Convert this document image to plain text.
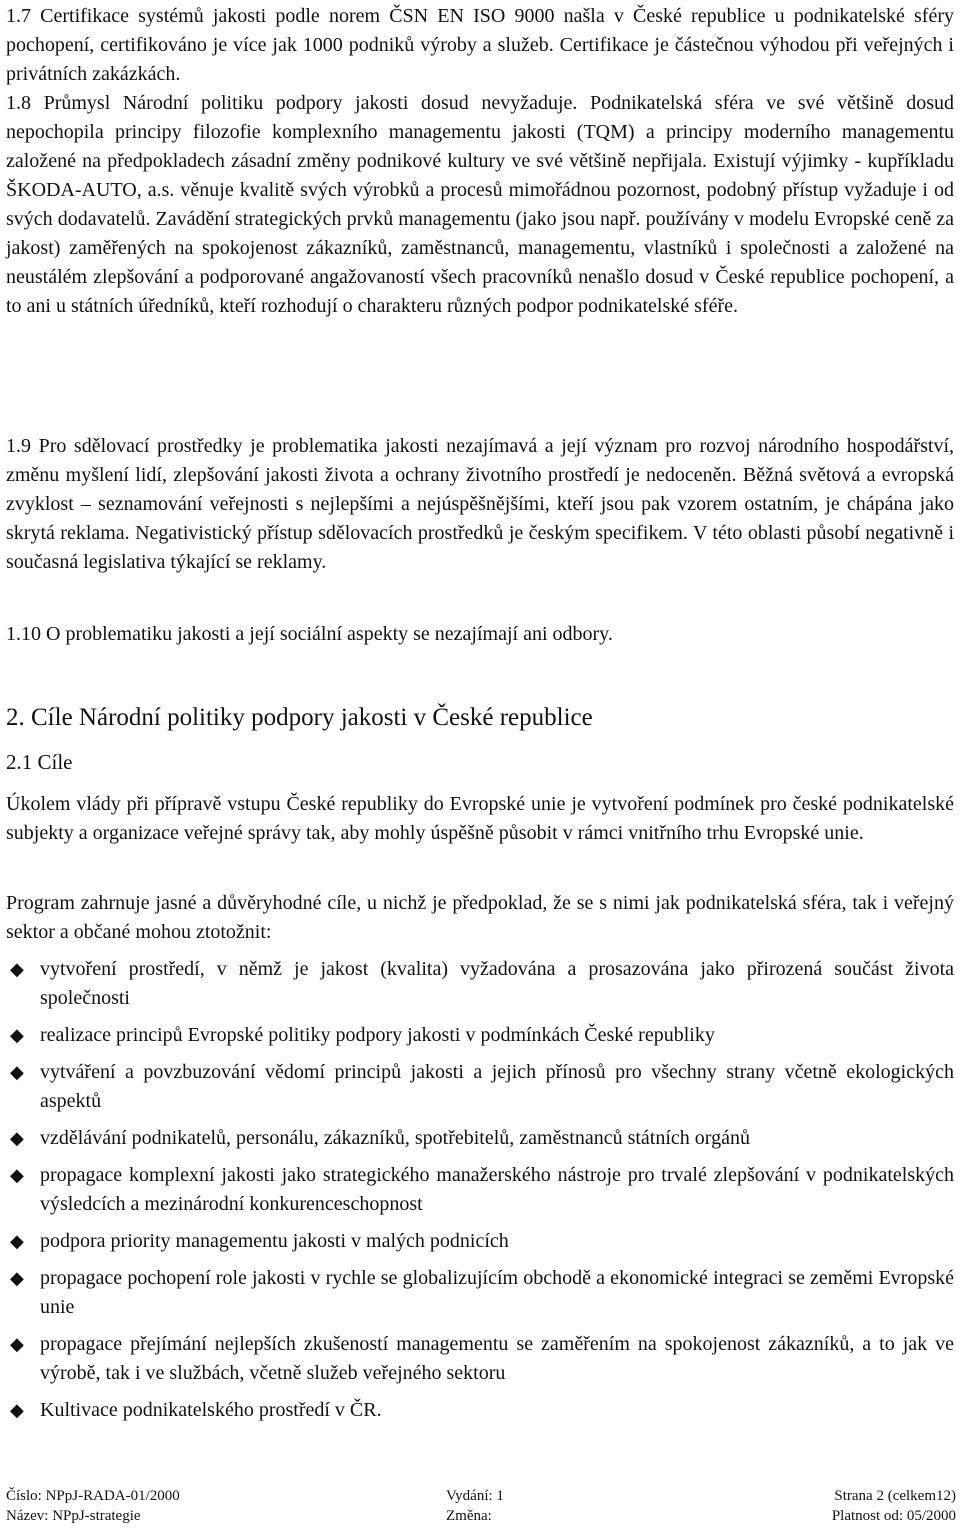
1.7 Certifikace systémů jakosti podle norem ČSN EN ISO 9000 našla v České republice u podnikatelské sféry pochopení, certifikováno je více jak 1000 podniků výroby a služeb. Certifikace je částečnou výhodou při veřejných i privátních zakázkách.

1.8 Průmysl Národní politiku podpory jakosti dosud nevyžaduje. Podnikatelská sféra ve své většině dosud nepochopila principy filozofie komplexního managementu jakosti (TQM) a principy moderního managementu založené na předpokladech zásadní změny podnikové kultury ve své většině nepřijala. Existují výjimky - kupříkladu ŠKODA-AUTO, a.s. věnuje kvalitě svých výrobků a procesů mimořádnou pozornost, podobný přístup vyžaduje i od svých dodavatelů. Zavádění strategických prvků managementu (jako jsou např. používány v modelu Evropské ceně za jakost) zaměřených na spokojenost zákazníků, zaměstnanců, managementu, vlastníků i společnosti a založené na neustálém zlepšování a podporované angažovaností všech pracovníků nenašlo dosud v České republice pochopení, a to ani u státních úředníků, kteří rozhodují o charakteru různých podpor podnikatelské sféře.

1.9 Pro sdělovací prostředky je problematika jakosti nezajímavá a její význam pro rozvoj národního hospodářství, změnu myšlení lidí, zlepšování jakosti života a ochrany životního prostředí je nedoceněn. Běžná světová a evropská zvyklost – seznamování veřejnosti s nejlepšími a nejúspěšnějšími, kteří jsou pak vzorem ostatním, je chápána jako skrytá reklama. Negativistický přístup sdělovacích prostředků je českým specifikem. V této oblasti působí negativně i současná legislativa týkající se reklamy.

1.10 O problematiku jakosti a její sociální aspekty se nezajímají ani odbory.

2. Cíle Národní politiky podpory jakosti v České republice
2.1 Cíle

Úkolem vlády při přípravě vstupu České republiky do Evropské unie je vytvoření podmínek pro české podnikatelské subjekty a organizace veřejné správy tak, aby mohly úspěšně působit v rámci vnitřního trhu Evropské unie.

Program zahrnuje jasné a důvěryhodné cíle, u nichž je předpoklad, že se s nimi jak podnikatelská sféra, tak i veřejný sektor a občané mohou ztotožnit:

◆ vytvoření prostředí, v němž je jakost (kvalita) vyžadována a prosazována jako přirozená součást života společnosti
◆ realizace principů Evropské politiky podpory jakosti v podmínkách České republiky
◆ vytváření a povzbuzování vědomí principů jakosti a jejich přínosů pro všechny strany včetně ekologických aspektů
◆ vzdělávání podnikatelů, personálu, zákazníků, spotřebitelů, zaměstnanců státních orgánů
◆ propagace komplexní jakosti jako strategického manažerského nástroje pro trvalé zlepšování v podnikatelských výsledcích a mezinárodní konkurenceschopnost
◆ podpora priority managementu jakosti v malých podnicích
◆ propagace pochopení role jakosti v rychle se globalizujícím obchodě a ekonomické integraci se zeměmi Evropské unie
◆ propagace přejímání nejlepších zkušeností managementu se zaměřením na spokojenost zákazníků, a to jak ve výrobě, tak i ve službách, včetně služeb veřejného sektoru
◆ Kultivace podnikatelského prostředí v ČR.
Číslo: NPpJ-RADA-01/2000	Vydání: 1	Strana 2 (celkem12)
Název: NPpJ-strategie	Změna:	Platnost od: 05/2000
